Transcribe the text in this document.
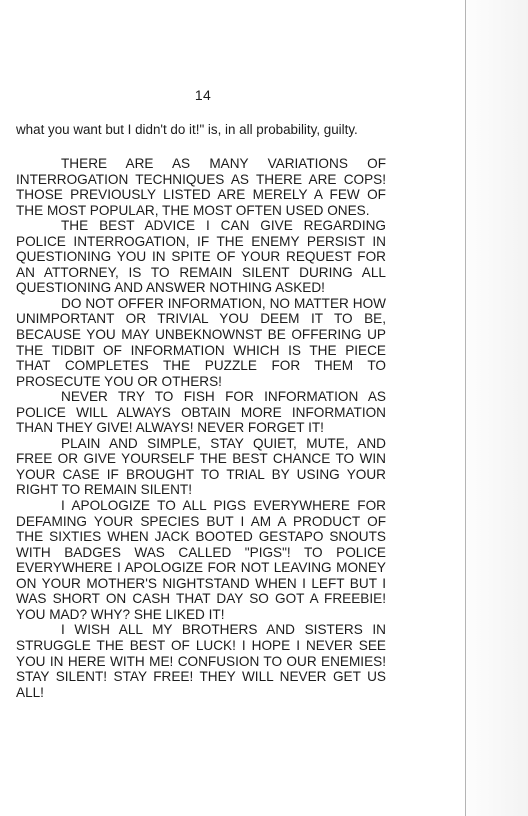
14
what you want but I didn't do it!" is, in all probability, guilty.

THERE ARE AS MANY VARIATIONS OF INTERROGATION TECHNIQUES AS THERE ARE COPS! THOSE PREVIOUSLY LISTED ARE MERELY A FEW OF THE MOST POPULAR, THE MOST OFTEN USED ONES.

THE BEST ADVICE I CAN GIVE REGARDING POLICE INTERROGATION, IF THE ENEMY PERSIST IN QUESTIONING YOU IN SPITE OF YOUR REQUEST FOR AN ATTORNEY, IS TO REMAIN SILENT DURING ALL QUESTIONING AND ANSWER NOTHING ASKED!

DO NOT OFFER INFORMATION, NO MATTER HOW UNIMPORTANT OR TRIVIAL YOU DEEM IT TO BE, BECAUSE YOU MAY UNBEKNOWNST BE OFFERING UP THE TIDBIT OF INFORMATION WHICH IS THE PIECE THAT COMPLETES THE PUZZLE FOR THEM TO PROSECUTE YOU OR OTHERS!

NEVER TRY TO FISH FOR INFORMATION AS POLICE WILL ALWAYS OBTAIN MORE INFORMATION THAN THEY GIVE! ALWAYS! NEVER FORGET IT!

PLAIN AND SIMPLE, STAY QUIET, MUTE, AND FREE OR GIVE YOURSELF THE BEST CHANCE TO WIN YOUR CASE IF BROUGHT TO TRIAL BY USING YOUR RIGHT TO REMAIN SILENT!

I APOLOGIZE TO ALL PIGS EVERYWHERE FOR DEFAMING YOUR SPECIES BUT I AM A PRODUCT OF THE SIXTIES WHEN JACK BOOTED GESTAPO SNOUTS WITH BADGES WAS CALLED "PIGS"! TO POLICE EVERYWHERE I APOLOGIZE FOR NOT LEAVING MONEY ON YOUR MOTHER'S NIGHTSTAND WHEN I LEFT BUT I WAS SHORT ON CASH THAT DAY SO GOT A FREEBIE! YOU MAD? WHY? SHE LIKED IT!

I WISH ALL MY BROTHERS AND SISTERS IN STRUGGLE THE BEST OF LUCK! I HOPE I NEVER SEE YOU IN HERE WITH ME! CONFUSION TO OUR ENEMIES! STAY SILENT! STAY FREE! THEY WILL NEVER GET US ALL!
